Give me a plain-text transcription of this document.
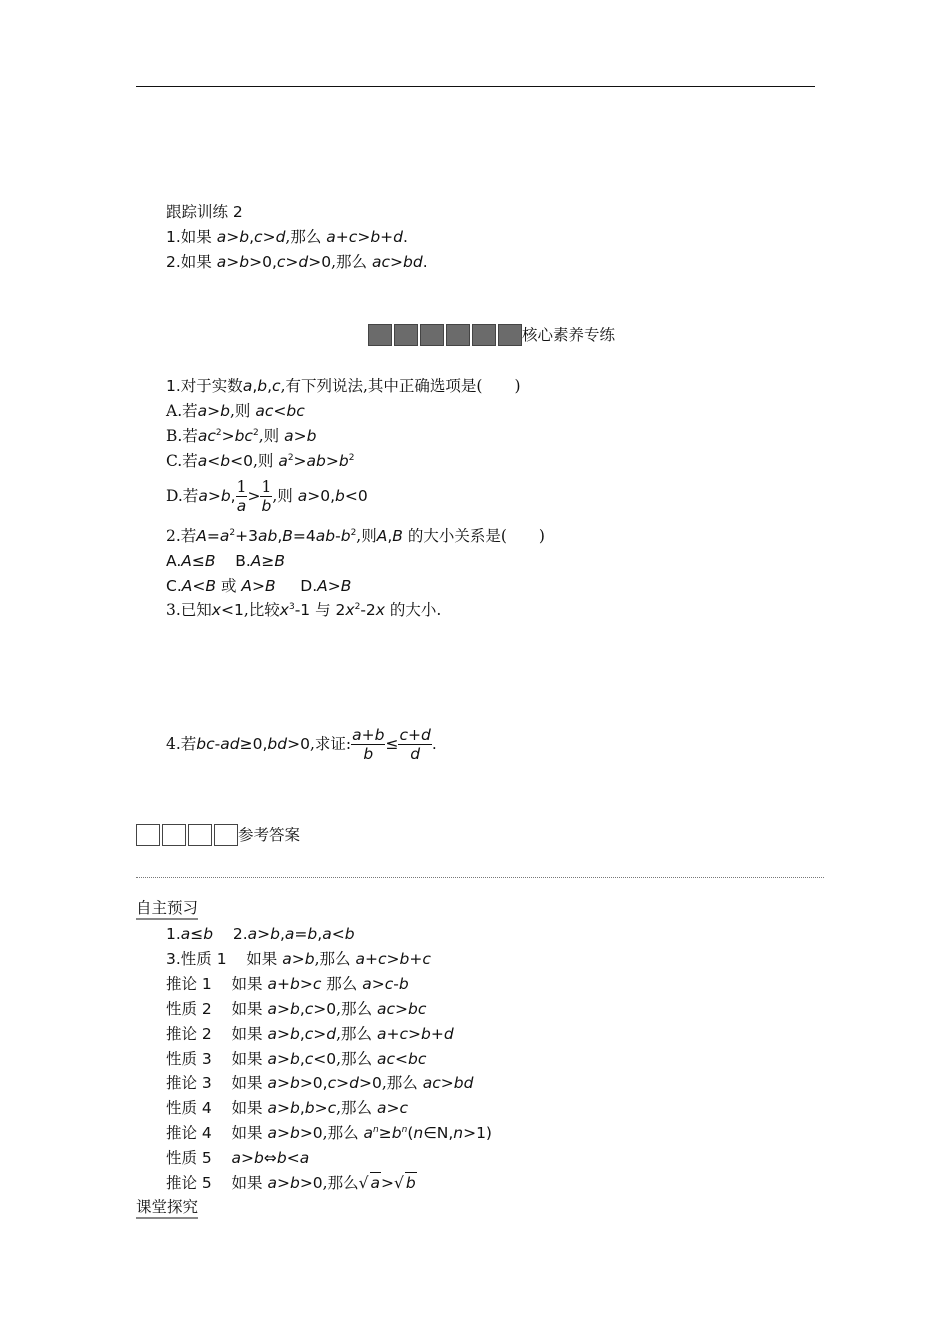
跟踪训练 2
1.如果 a>b,c>d,那么 a+c>b+d.
2.如果 a>b>0,c>d>0,那么 ac>bd.
核心素养专练
1.对于实数a,b,c,有下列说法,其中正确选项是( )
A.若a>b,则 ac<bc
B.若$ac^2>bc^2$,则 a>b
C.若a<b<0,则 $a^2>ab>b^2$
D.若a>b, $\frac{1}{a} > \frac{1}{b}$ ,则 a>0,b<0
2.若$A=a^2+3ab,B=4ab-b^2$,则A,B 的大小关系是( )
A.A≤B    B.A≥B
C.A<B 或 A>B     D.A>B
3.已知x<1,比较$x^3-1$ 与 $2x^2-2x$ 的大小.
4.若bc-ad≥0,bd>0,求证: $\frac{a+b}{b} \le \frac{c+d}{d}$ .
参考答案
自主预习
1.a≤b    2.a>b,a=b,a<b
3.性质 1 如果 a>b,那么 a+c>b+c
推论 1 如果 a+b>c 那么 a>c-b
性质 2 如果 a>b,c>0,那么 ac>bc
推论 2 如果 a>b,c>d,那么 a+c>b+d
性质 3 如果 a>b,c<0,那么 ac<bc
推论 3 如果 a>b>0,c>d>0,那么 ac>bd
性质 4 如果 a>b,b>c,那么 a>c
推论 4 如果 a>b>0,那么 $a^n\ge b^n(n\in N,n>1)$
性质 5 a>b⇔b<a
推论 5 如果 a>b>0,那么√ a>√ b
课堂探究
